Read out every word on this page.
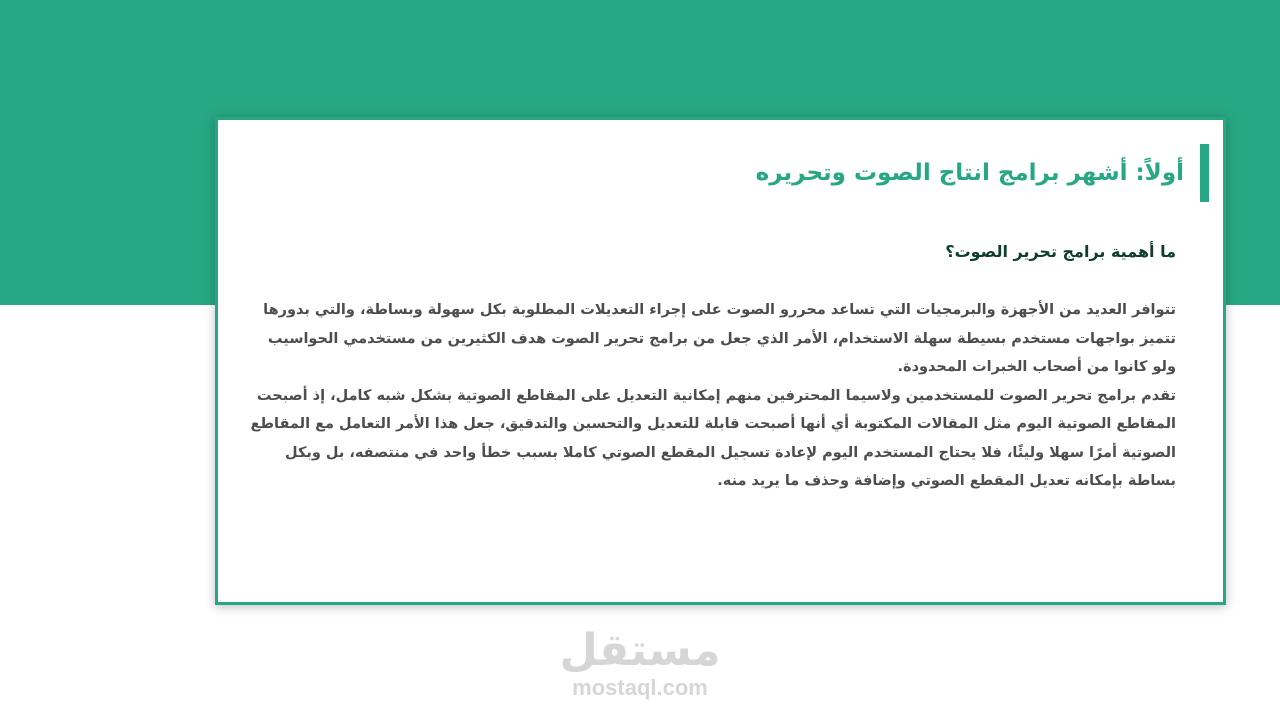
أولاً: أشهر برامج انتاج الصوت وتحريره
ما أهمية برامج تحرير الصوت؟

تتوافر العديد من الأجهزة والبرمجيات التي تساعد محررو الصوت على إجراء التعديلات المطلوبة بكل سهولة وبساطة، والتي بدورها تتميز بواجهات مستخدم بسيطة سهلة الاستخدام، الأمر الذي جعل من برامج تحرير الصوت هدف الكثيرين من مستخدمي الحواسيب ولو كانوا من أصحاب الخبرات المحدودة.

تقدم برامج تحرير الصوت للمستخدمين ولاسيما المحترفين منهم إمكانية التعديل على المقاطع الصوتية بشكل شبه كامل، إذ أصبحت المقاطع الصوتية اليوم مثل المقالات المكتوبة أي أنها أصبحت قابلة للتعديل والتحسين والتدقيق، جعل هذا الأمر التعامل مع المقاطع الصوتية أمرًا سهلا وليئًا، فلا يحتاج المستخدم اليوم لإعادة تسجيل المقطع الصوتي كاملا بسبب خطأ واحد في منتصفه، بل وبكل بساطة بإمكانه تعديل المقطع الصوتي وإضافة وحذف ما يريد منه.

مستقل
mostaql.com
